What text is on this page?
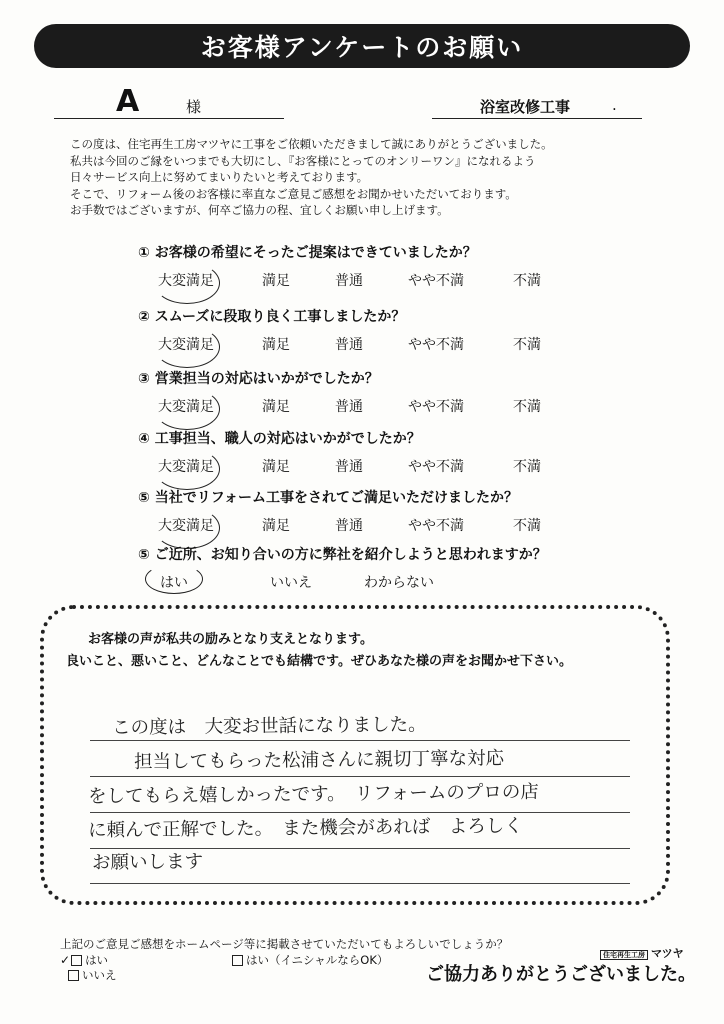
お客様アンケートのお願い
A	様	浴室改修工事	.

この度は、住宅再生工房マツヤに工事をご依頼いただきまして誠にありがとうございました。

私共は今回のご縁をいつまでも大切にし、『お客様にとってのオンリーワン』になれるよう

日々サービス向上に努めてまいりたいと考えております。

そこで、リフォーム後のお客様に率直なご意見ご感想をお聞かせいただいております。

お手数ではございますが、何卒ご協力の程、宜しくお願い申し上げます。

① お客様の希望にそったご提案はできていましたか？
大変満足	満足	普通	やや不満	不満
② スムーズに段取り良く工事しましたか？
大変満足	満足	普通	やや不満	不満
③ 営業担当の対応はいかがでしたか？
大変満足	満足	普通	やや不満	不満
④ 工事担当、職人の対応はいかがでしたか？
大変満足	満足	普通	やや不満	不満
⑤ 当社でリフォーム工事をされてご満足いただけましたか？
大変満足	満足	普通	やや不満	不満
⑤ ご近所、お知り合いの方に弊社を紹介しようと思われますか？
はい	いいえ	わからない
お客様の声が私共の励みとなり支えとなります。
良いこと、悪いこと、どんなことでも結構です。ぜひあなた様の声をお聞かせ下さい。
この度は　大変お世話になりました。
担当してもらった松浦さんに親切丁寧な対応
をしてもらえ嬉しかったです。　リフォームのプロの店
に頼んで正解でした。　また機会があれば　よろしく
お願いします
上記のご意見ご感想をホームページ等に掲載させていただいてもよろしいでしょうか？
✓ はい
いいえ
はい（イニシャルならOK）	住宅再生工房 マツヤ
ご協力ありがとうございました。
